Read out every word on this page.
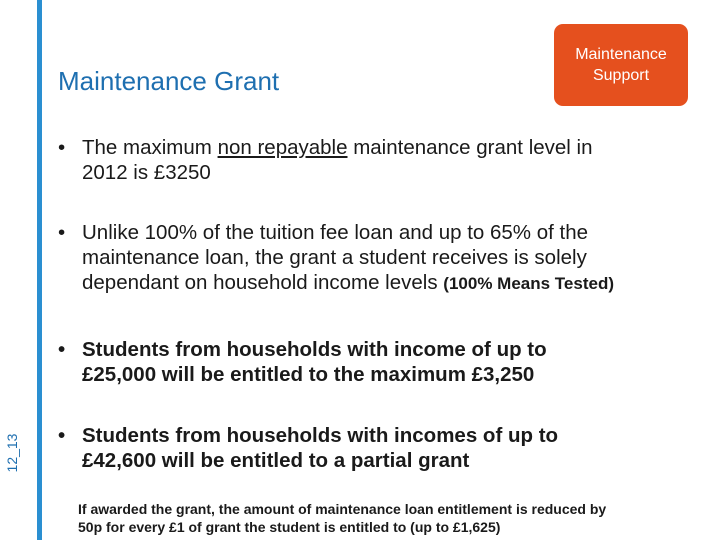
12_13
Maintenance Grant
Maintenance
Support
• The maximum non repayable maintenance grant level in
2012 is £3250
• Unlike 100% of the tuition fee loan and up to 65% of the
maintenance loan, the grant a student receives is solely
dependant on household income levels (100% Means Tested)
• Students from households with income of up to
£25,000 will be entitled to the maximum £3,250
• Students from households with incomes of up to
£42,600 will be entitled to a partial grant
If awarded the grant, the amount of maintenance loan entitlement is reduced by
50p for every £1 of grant the student is entitled to (up to £1,625)
